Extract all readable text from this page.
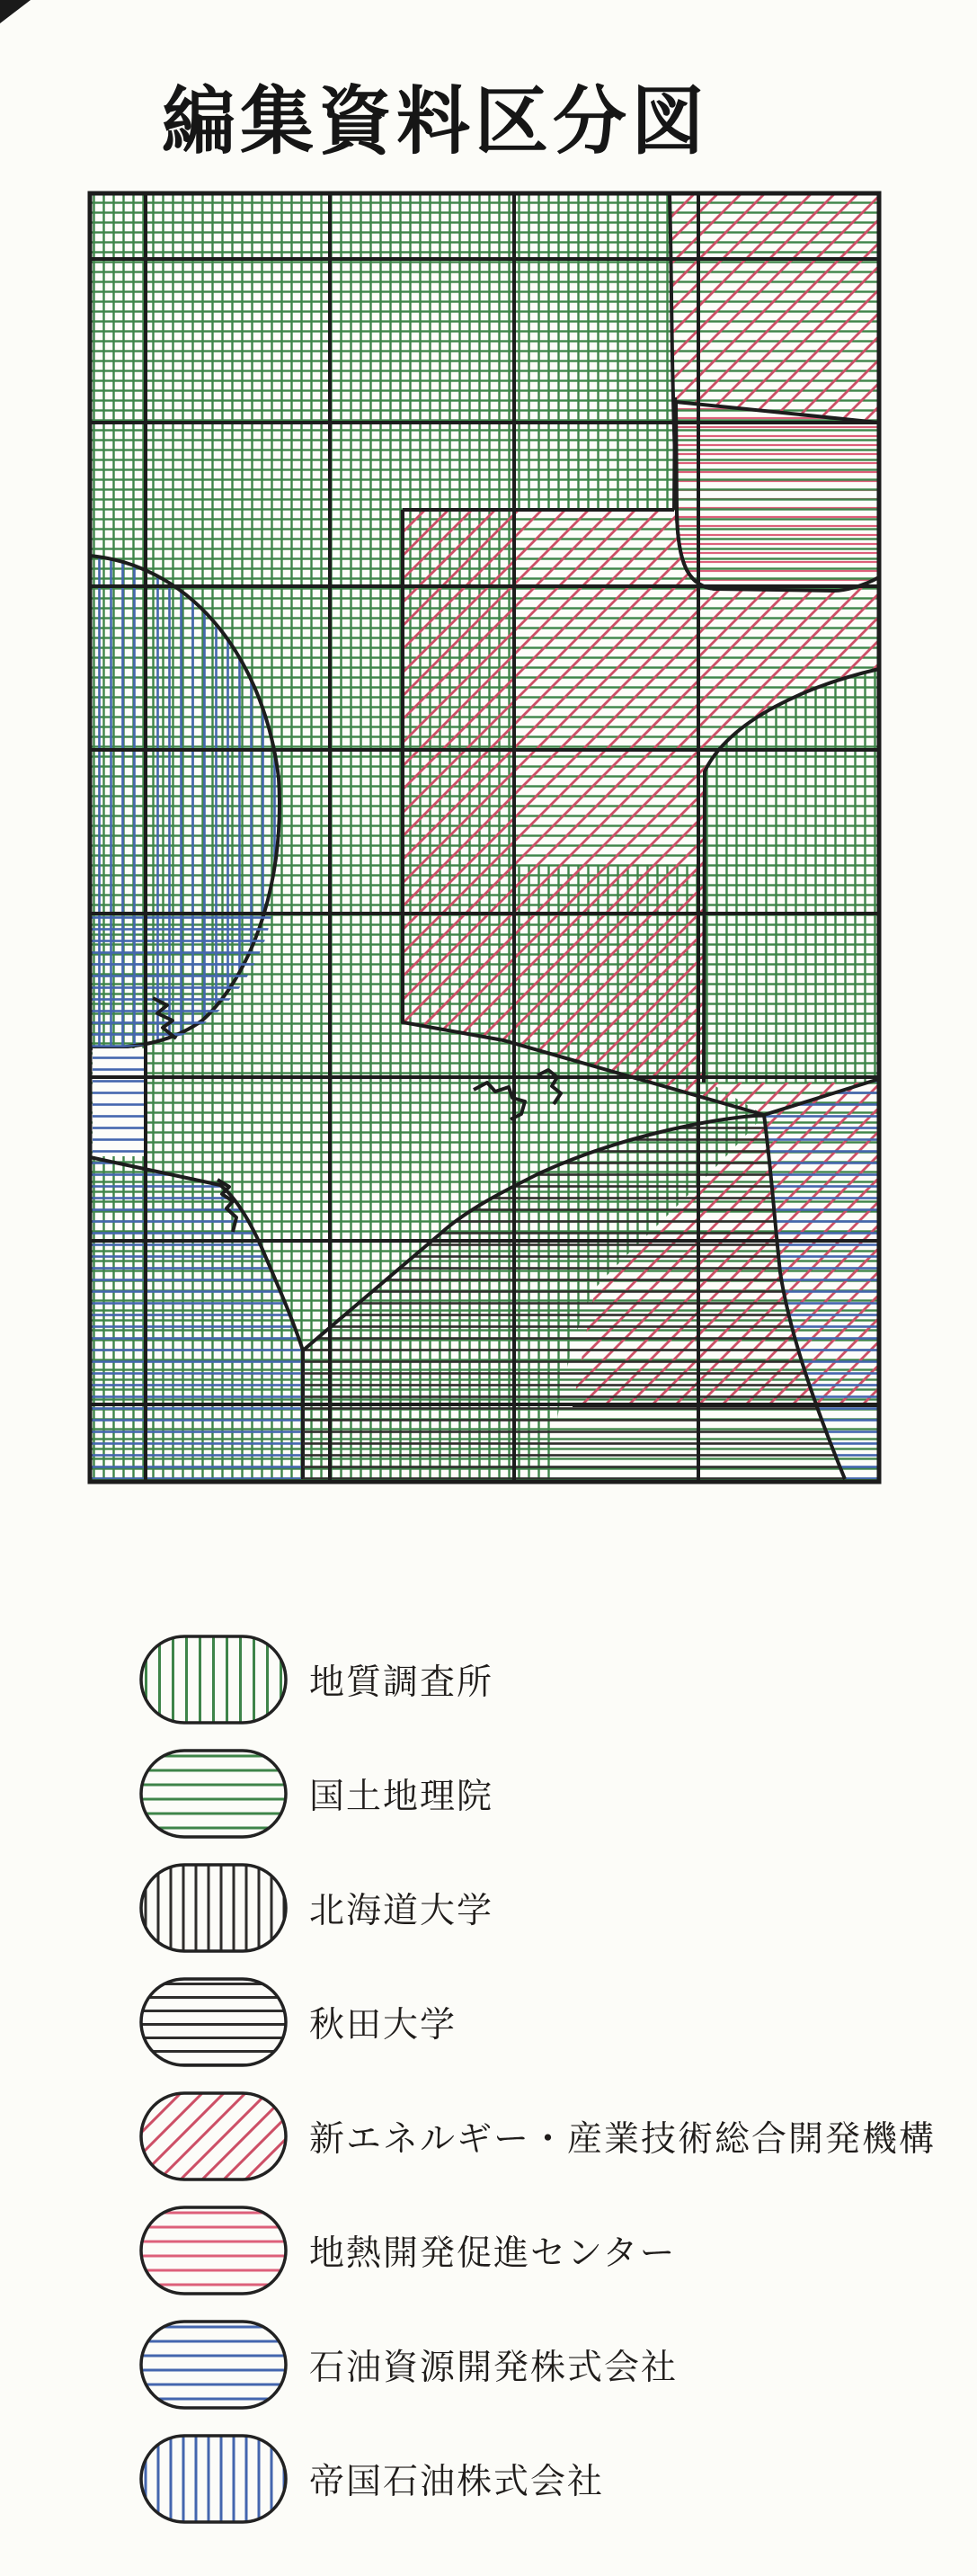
編集資料区分図
地質調査所
国土地理院
北海道大学
秋田大学
新エネルギー・産業技術総合開発機構
地熱開発促進センター
石油資源開発株式会社
帝国石油株式会社
